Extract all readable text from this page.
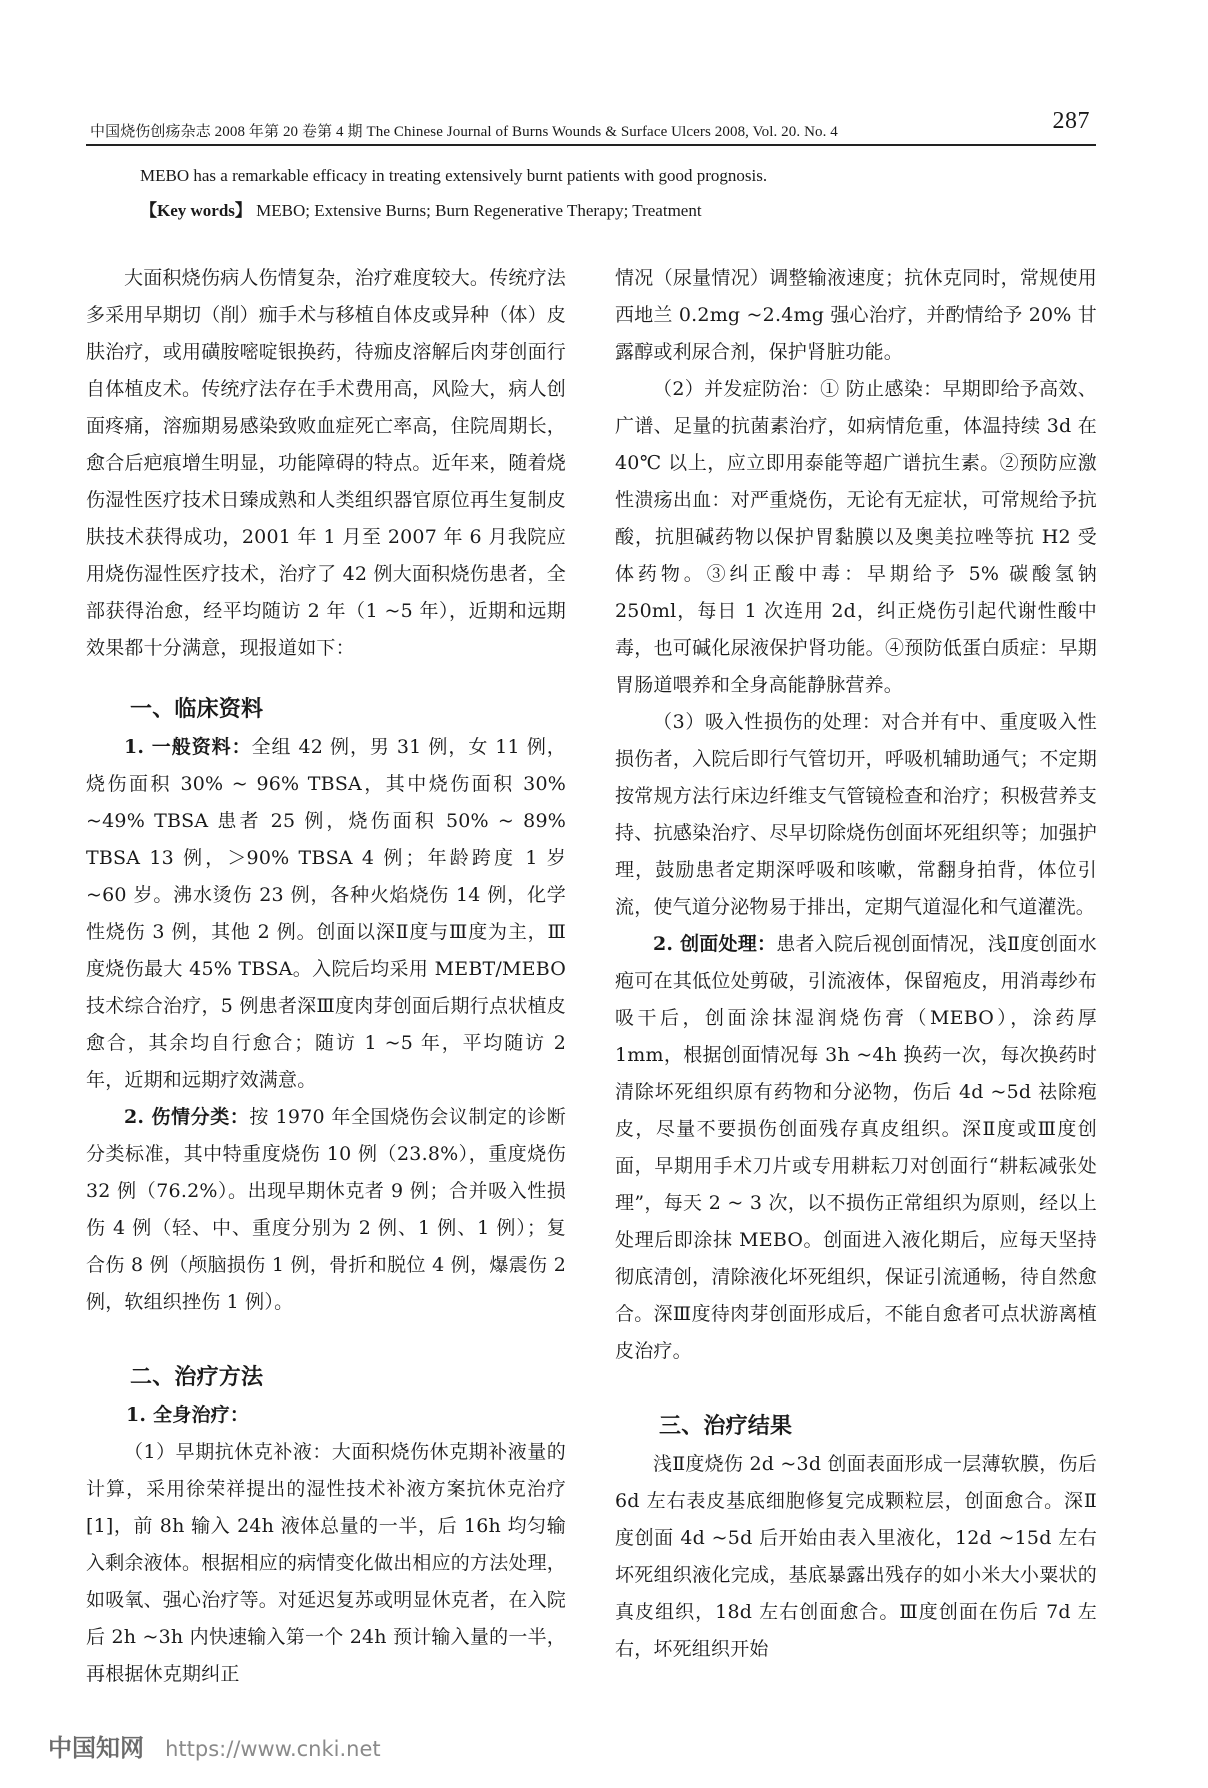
中国烧伤创疡杂志 2008 年第 20 卷第 4 期 The Chinese Journal of Burns Wounds & Surface Ulcers 2008, Vol. 20. No. 4	287
MEBO has a remarkable efficacy in treating extensively burnt patients with good prognosis.
【Key words】 MEBO; Extensive Burns; Burn Regenerative Therapy; Treatment

大面积烧伤病人伤情复杂，治疗难度较大。传统疗法多采用早期切（削）痂手术与移植自体皮或异种（体）皮肤治疗，或用磺胺嘧啶银换药，待痂皮溶解后肉芽创面行自体植皮术。传统疗法存在手术费用高，风险大，病人创面疼痛，溶痂期易感染致败血症死亡率高，住院周期长，愈合后疤痕增生明显，功能障碍的特点。近年来，随着烧伤湿性医疗技术日臻成熟和人类组织器官原位再生复制皮肤技术获得成功，2001 年 1 月至 2007 年 6 月我院应用烧伤湿性医疗技术，治疗了 42 例大面积烧伤患者，全部获得治愈，经平均随访 2 年（1 ~5 年），近期和远期效果都十分满意，现报道如下：

一、临床资料

1. 一般资料：全组 42 例，男 31 例，女 11 例，烧伤面积 30% ~ 96% TBSA，其中烧伤面积 30% ~49% TBSA 患者 25 例，烧伤面积 50% ~ 89% TBSA 13 例，＞90% TBSA 4 例；年龄跨度 1 岁 ~60 岁。沸水烫伤 23 例，各种火焰烧伤 14 例，化学性烧伤 3 例，其他 2 例。创面以深Ⅱ度与Ⅲ度为主，Ⅲ 度烧伤最大 45% TBSA。入院后均采用 MEBT/MEBO 技术综合治疗，5 例患者深Ⅲ度肉芽创面后期行点状植皮愈合，其余均自行愈合；随访 1 ~5 年，平均随访 2 年，近期和远期疗效满意。

2. 伤情分类：按 1970 年全国烧伤会议制定的诊断分类标准，其中特重度烧伤 10 例（23.8%），重度烧伤 32 例（76.2%）。出现早期休克者 9 例；合并吸入性损伤 4 例（轻、中、重度分别为 2 例、1 例、1 例）；复合伤 8 例（颅脑损伤 1 例，骨折和脱位 4 例，爆震伤 2 例，软组织挫伤 1 例）。

二、治疗方法
1. 全身治疗：

（1）早期抗休克补液：大面积烧伤休克期补液量的计算，采用徐荣祥提出的湿性技术补液方案抗休克治疗[1]，前 8h 输入 24h 液体总量的一半，后 16h 均匀输入剩余液体。根据相应的病情变化做出相应的方法处理，如吸氧、强心治疗等。对延迟复苏或明显休克者，在入院后 2h ~3h 内快速输入第一个 24h 预计输入量的一半，再根据休克期纠正

情况（尿量情况）调整输液速度；抗休克同时，常规使用西地兰 0.2mg ~2.4mg 强心治疗，并酌情给予 20% 甘露醇或利尿合剂，保护肾脏功能。

（2）并发症防治：① 防止感染：早期即给予高效、广谱、足量的抗菌素治疗，如病情危重，体温持续 3d 在 40℃ 以上，应立即用泰能等超广谱抗生素。②预防应激性溃疡出血：对严重烧伤，无论有无症状，可常规给予抗酸，抗胆碱药物以保护胃黏膜以及奥美拉唑等抗 H2 受体药物。③纠正酸中毒：早期给予 5% 碳酸氢钠 250ml，每日 1 次连用 2d，纠正烧伤引起代谢性酸中毒，也可碱化尿液保护肾功能。④预防低蛋白质症：早期胃肠道喂养和全身高能静脉营养。

（3）吸入性损伤的处理：对合并有中、重度吸入性损伤者，入院后即行气管切开，呼吸机辅助通气；不定期按常规方法行床边纤维支气管镜检查和治疗；积极营养支持、抗感染治疗、尽早切除烧伤创面坏死组织等；加强护理，鼓励患者定期深呼吸和咳嗽，常翻身拍背，体位引流，使气道分泌物易于排出，定期气道湿化和气道灌洗。

2. 创面处理：患者入院后视创面情况，浅Ⅱ度创面水疱可在其低位处剪破，引流液体，保留疱皮，用消毒纱布吸干后，创面涂抹湿润烧伤膏（MEBO），涂药厚 1mm，根据创面情况每 3h ~4h 换药一次，每次换药时清除坏死组织原有药物和分泌物，伤后 4d ~5d 祛除疱皮，尽量不要损伤创面残存真皮组织。深Ⅱ度或Ⅲ度创面，早期用手术刀片或专用耕耘刀对创面行“耕耘减张处理”，每天 2 ~ 3 次，以不损伤正常组织为原则，经以上处理后即涂抹 MEBO。创面进入液化期后，应每天坚持彻底清创，清除液化坏死组织，保证引流通畅，待自然愈合。深Ⅲ度待肉芽创面形成后，不能自愈者可点状游离植皮治疗。

三、治疗结果

浅Ⅱ度烧伤 2d ~3d 创面表面形成一层薄软膜，伤后 6d 左右表皮基底细胞修复完成颗粒层，创面愈合。深Ⅱ度创面 4d ~5d 后开始由表入里液化，12d ~15d 左右坏死组织液化完成，基底暴露出残存的如小米大小粟状的真皮组织，18d 左右创面愈合。Ⅲ度创面在伤后 7d 左右，坏死组织开始

中国知网 https://www.cnki.net
